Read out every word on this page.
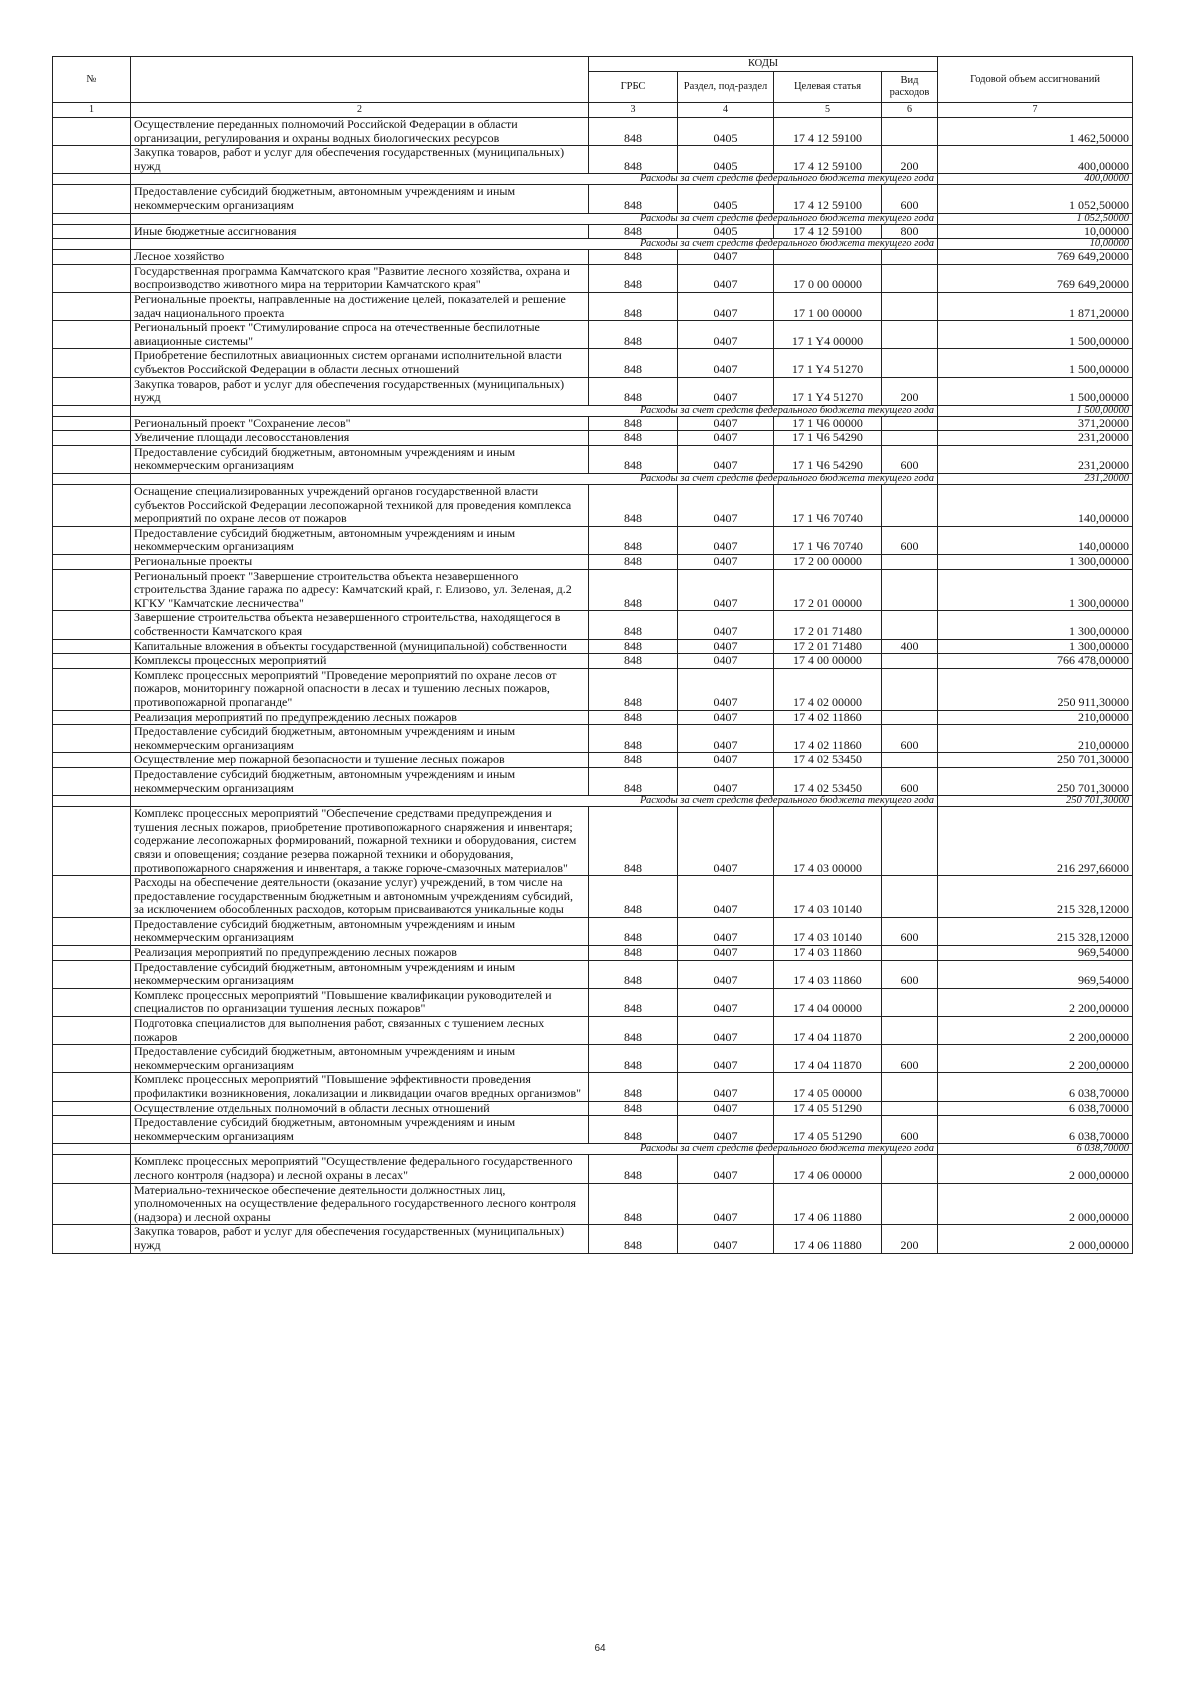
№		КОДЫ				Годовой объем ассигнований
		ГРБС	Раздел, под-раздел	Целевая статья	Вид расходов	
1	2	3	4	5	6	7
	Осуществление переданных полномочий Российской Федерации в области организации, регулирования и охраны водных биологических ресурсов	848	0405	17 4 12 59100		1 462,50000
	Закупка товаров, работ и услуг для обеспечения государственных (муниципальных) нужд	848	0405	17 4 12 59100	200	400,00000
	Расходы за счет средств федерального бюджета текущего года					400,00000
	Предоставление субсидий бюджетным, автономным учреждениям и иным некоммерческим организациям	848	0405	17 4 12 59100	600	1 052,50000
	Расходы за счет средств федерального бюджета текущего года					1 052,50000
	Иные бюджетные ассигнования	848	0405	17 4 12 59100	800	10,00000
	Расходы за счет средств федерального бюджета текущего года					10,00000
	Лесное хозяйство	848	0407			769 649,20000
	Государственная программа Камчатского края "Развитие лесного хозяйства, охрана и воспроизводство животного мира на территории Камчатского края"	848	0407	17 0 00 00000		769 649,20000
	Региональные проекты, направленные на достижение целей, показателей и решение задач национального проекта	848	0407	17 1 00 00000		1 871,20000
	Региональный проект "Стимулирование спроса на отечественные беспилотные авиационные системы"	848	0407	17 1 Y4 00000		1 500,00000
	Приобретение беспилотных авиационных систем органами исполнительной власти субъектов Российской Федерации в области лесных отношений	848	0407	17 1 Y4 51270		1 500,00000
	Закупка товаров, работ и услуг для обеспечения государственных (муниципальных) нужд	848	0407	17 1 Y4 51270	200	1 500,00000
	Расходы за счет средств федерального бюджета текущего года					1 500,00000
	Региональный проект "Сохранение лесов"	848	0407	17 1 Ч6 00000		371,20000
	Увеличение площади лесовосстановления	848	0407	17 1 Ч6 54290		231,20000
	Предоставление субсидий бюджетным, автономным учреждениям и иным некоммерческим организациям	848	0407	17 1 Ч6 54290	600	231,20000
	Расходы за счет средств федерального бюджета текущего года					231,20000
	Оснащение специализированных учреждений органов государственной власти субъектов Российской Федерации лесопожарной техникой для проведения комплекса мероприятий по охране лесов от пожаров	848	0407	17 1 Ч6 70740		140,00000
	Предоставление субсидий бюджетным, автономным учреждениям и иным некоммерческим организациям	848	0407	17 1 Ч6 70740	600	140,00000
	Региональные проекты	848	0407	17 2 00 00000		1 300,00000
	Региональный проект "Завершение строительства объекта незавершенного строительства Здание гаража по адресу: Камчатский край, г. Елизово, ул. Зеленая, д.2 КГКУ "Камчатские лесничества"	848	0407	17 2 01 00000		1 300,00000
	Завершение строительства объекта незавершенного строительства, находящегося в собственности Камчатского края	848	0407	17 2 01 71480		1 300,00000
	Капитальные вложения в объекты государственной (муниципальной) собственности	848	0407	17 2 01 71480	400	1 300,00000
	Комплексы процессных мероприятий	848	0407	17 4 00 00000		766 478,00000
	Комплекс процессных мероприятий "Проведение мероприятий по охране лесов от пожаров, мониторингу пожарной опасности в лесах и тушению лесных пожаров, противопожарной пропаганде"	848	0407	17 4 02 00000		250 911,30000
	Реализация мероприятий по предупреждению лесных пожаров	848	0407	17 4 02 11860		210,00000
	Предоставление субсидий бюджетным, автономным учреждениям и иным некоммерческим организациям	848	0407	17 4 02 11860	600	210,00000
	Осуществление мер пожарной безопасности и тушение лесных пожаров	848	0407	17 4 02 53450		250 701,30000
	Предоставление субсидий бюджетным, автономным учреждениям и иным некоммерческим организациям	848	0407	17 4 02 53450	600	250 701,30000
	Расходы за счет средств федерального бюджета текущего года					250 701,30000
	Комплекс процессных мероприятий "Обеспечение средствами предупреждения и тушения лесных пожаров, приобретение противопожарного снаряжения и инвентаря; содержание лесопожарных формирований, пожарной техники и оборудования, систем связи и оповещения; создание резерва пожарной техники и оборудования, противопожарного снаряжения и инвентаря, а также горюче-смазочных материалов"	848	0407	17 4 03 00000		216 297,66000
	Расходы на обеспечение деятельности (оказание услуг) учреждений, в том числе на предоставление государственным бюджетным и автономным учреждениям субсидий, за исключением обособленных расходов, которым присваиваются уникальные коды	848	0407	17 4 03 10140		215 328,12000
	Предоставление субсидий бюджетным, автономным учреждениям и иным некоммерческим организациям	848	0407	17 4 03 10140	600	215 328,12000
	Реализация мероприятий по предупреждению лесных пожаров	848	0407	17 4 03 11860		969,54000
	Предоставление субсидий бюджетным, автономным учреждениям и иным некоммерческим организациям	848	0407	17 4 03 11860	600	969,54000
	Комплекс процессных мероприятий "Повышение квалификации руководителей и специалистов по организации тушения лесных пожаров"	848	0407	17 4 04 00000		2 200,00000
	Подготовка специалистов для выполнения работ, связанных с тушением лесных пожаров	848	0407	17 4 04 11870		2 200,00000
	Предоставление субсидий бюджетным, автономным учреждениям и иным некоммерческим организациям	848	0407	17 4 04 11870	600	2 200,00000
	Комплекс процессных мероприятий "Повышение эффективности проведения профилактики возникновения, локализации и ликвидации очагов вредных организмов"	848	0407	17 4 05 00000		6 038,70000
	Осуществление отдельных полномочий в области лесных отношений	848	0407	17 4 05 51290		6 038,70000
	Предоставление субсидий бюджетным, автономным учреждениям и иным некоммерческим организациям	848	0407	17 4 05 51290	600	6 038,70000
	Расходы за счет средств федерального бюджета текущего года					6 038,70000
	Комплекс процессных мероприятий "Осуществление федерального государственного лесного контроля (надзора) и лесной охраны в лесах"	848	0407	17 4 06 00000		2 000,00000
	Материально-техническое обеспечение деятельности должностных лиц, уполномоченных на осуществление федерального государственного лесного контроля (надзора) и лесной охраны	848	0407	17 4 06 11880		2 000,00000
	Закупка товаров, работ и услуг для обеспечения государственных (муниципальных) нужд	848	0407	17 4 06 11880	200	2 000,00000
64
